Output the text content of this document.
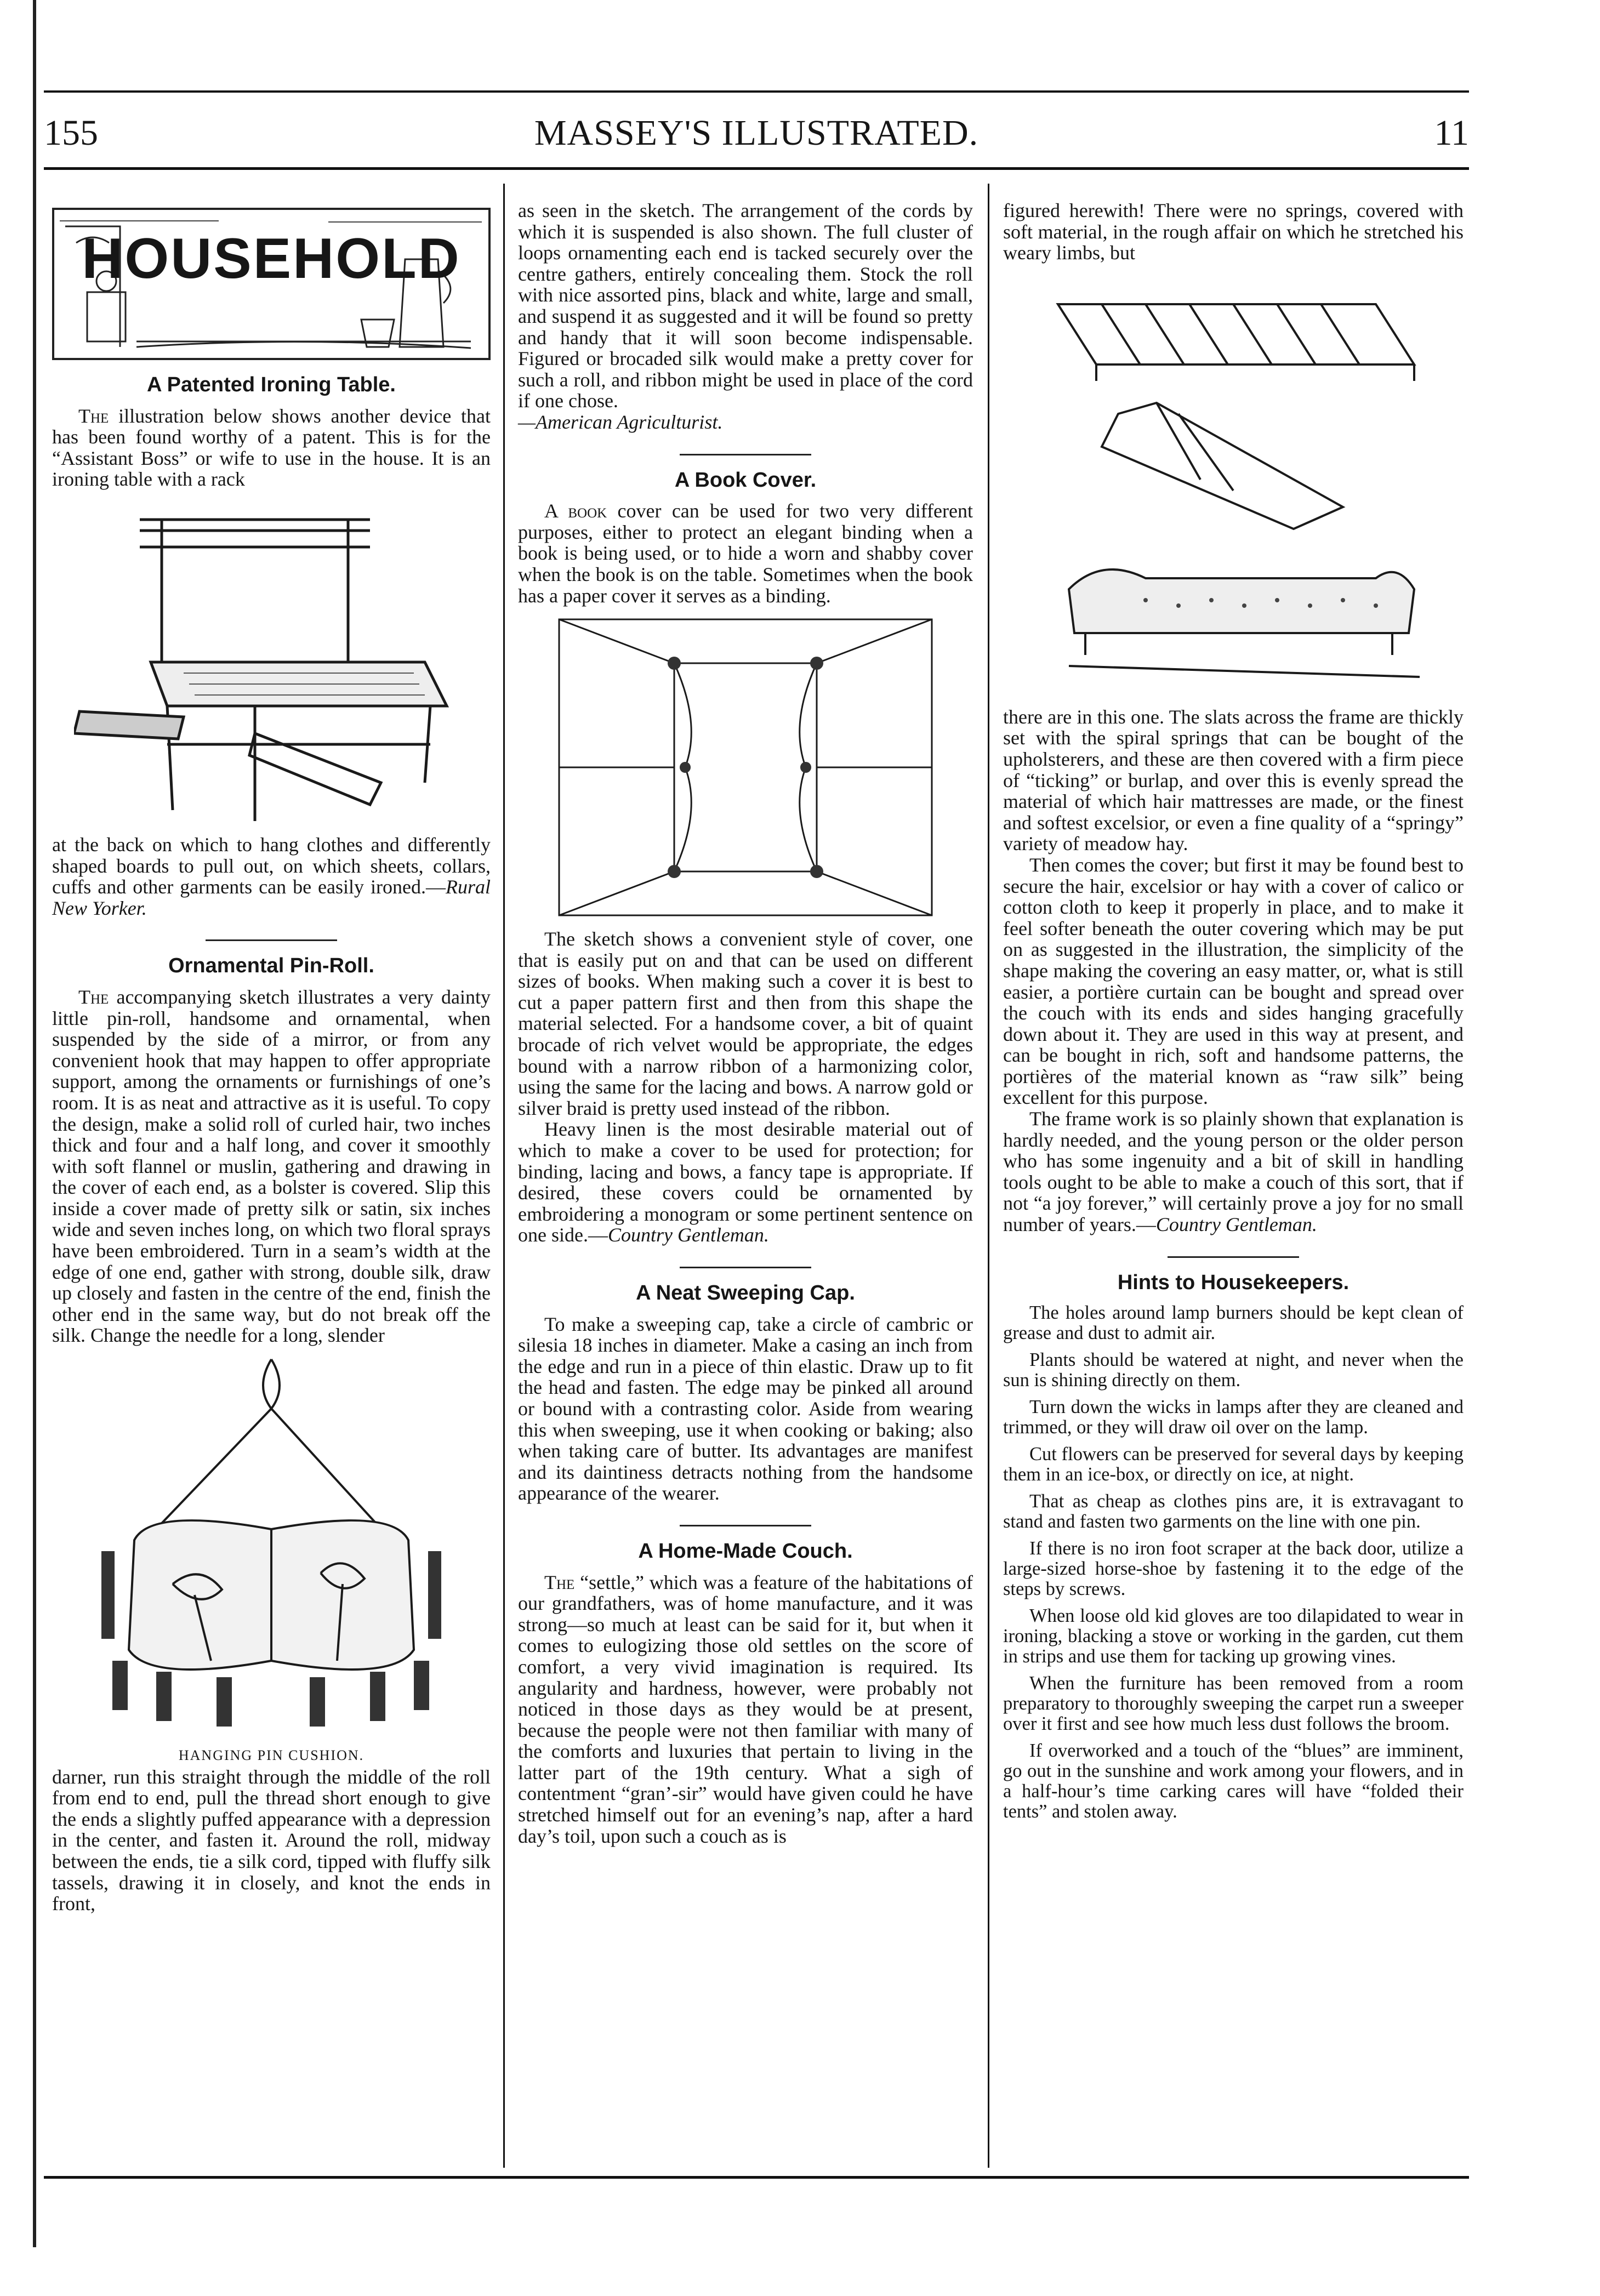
155	MASSEY'S ILLUSTRATED.	11
HOUSEHOLD
A Patented Ironing Table.

The illustration below shows another device that has been found worthy of a patent. This is for the “Assistant Boss” or wife to use in the house. It is an ironing table with a rack

at the back on which to hang clothes and differently shaped boards to pull out, on which sheets, collars, cuffs and other garments can be easily ironed.—Rural New Yorker.

Ornamental Pin-Roll.

The accompanying sketch illustrates a very dainty little pin-roll, handsome and ornamental, when suspended by the side of a mirror, or from any convenient hook that may happen to offer appropriate support, among the ornaments or furnishings of one’s room. It is as neat and attractive as it is useful. To copy the design, make a solid roll of curled hair, two inches thick and four and a half long, and cover it smoothly with soft flannel or muslin, gathering and drawing in the cover of each end, as a bolster is covered. Slip this inside a cover made of pretty silk or satin, six inches wide and seven inches long, on which two floral sprays have been embroidered. Turn in a seam’s width at the edge of one end, gather with strong, double silk, draw up closely and fasten in the centre of the end, finish the other end in the same way, but do not break off the silk. Change the needle for a long, slender

HANGING PIN CUSHION.

darner, run this straight through the middle of the roll from end to end, pull the thread short enough to give the ends a slightly puffed appearance with a depression in the center, and fasten it. Around the roll, midway between the ends, tie a silk cord, tipped with fluffy silk tassels, drawing it in closely, and knot the ends in front,

as seen in the sketch. The arrangement of the cords by which it is suspended is also shown. The full cluster of loops ornamenting each end is tacked securely over the centre gathers, entirely concealing them. Stock the roll with nice assorted pins, black and white, large and small, and suspend it as suggested and it will be found so pretty and handy that it will soon become indispensable. Figured or brocaded silk would make a pretty cover for such a roll, and ribbon might be used in place of the cord if one chose.
—American Agriculturist.

A Book Cover.

A book cover can be used for two very different purposes, either to protect an elegant binding when a book is being used, or to hide a worn and shabby cover when the book is on the table. Sometimes when the book has a paper cover it serves as a binding.

The sketch shows a convenient style of cover, one that is easily put on and that can be used on different sizes of books. When making such a cover it is best to cut a paper pattern first and then from this shape the material selected. For a handsome cover, a bit of quaint brocade of rich velvet would be appropriate, the edges bound with a narrow ribbon of a harmonizing color, using the same for the lacing and bows. A narrow gold or silver braid is pretty used instead of the ribbon.

Heavy linen is the most desirable material out of which to make a cover to be used for protection; for binding, lacing and bows, a fancy tape is appropriate. If desired, these covers could be ornamented by embroidering a monogram or some pertinent sentence on one side.—Country Gentleman.

A Neat Sweeping Cap.

To make a sweeping cap, take a circle of cambric or silesia 18 inches in diameter. Make a casing an inch from the edge and run in a piece of thin elastic. Draw up to fit the head and fasten. The edge may be pinked all around or bound with a contrasting color. Aside from wearing this when sweeping, use it when cooking or baking; also when taking care of butter. Its advantages are manifest and its daintiness detracts nothing from the handsome appearance of the wearer.

A Home-Made Couch.

The “settle,” which was a feature of the habitations of our grandfathers, was of home manufacture, and it was strong—so much at least can be said for it, but when it comes to eulogizing those old settles on the score of comfort, a very vivid imagination is required. Its angularity and hardness, however, were probably not noticed in those days as they would be at present, because the people were not then familiar with many of the comforts and luxuries that pertain to living in the latter part of the 19th century. What a sigh of contentment “gran’-sir” would have given could he have stretched himself out for an evening’s nap, after a hard day’s toil, upon such a couch as is

figured herewith! There were no springs, covered with soft material, in the rough affair on which he stretched his weary limbs, but

there are in this one. The slats across the frame are thickly set with the spiral springs that can be bought of the upholsterers, and these are then covered with a firm piece of “ticking” or burlap, and over this is evenly spread the material of which hair mattresses are made, or the finest and softest excelsior, or even a fine quality of a “springy” variety of meadow hay.

Then comes the cover; but first it may be found best to secure the hair, excelsior or hay with a cover of calico or cotton cloth to keep it properly in place, and to make it feel softer beneath the outer covering which may be put on as suggested in the illustration, the simplicity of the shape making the covering an easy matter, or, what is still easier, a portière curtain can be bought and spread over the couch with its ends and sides hanging gracefully down about it. They are used in this way at present, and can be bought in rich, soft and handsome patterns, the portières of the material known as “raw silk” being excellent for this purpose.

The frame work is so plainly shown that explanation is hardly needed, and the young person or the older person who has some ingenuity and a bit of skill in handling tools ought to be able to make a couch of this sort, that if not “a joy forever,” will certainly prove a joy for no small number of years.—Country Gentleman.

Hints to Housekeepers.

The holes around lamp burners should be kept clean of grease and dust to admit air.

Plants should be watered at night, and never when the sun is shining directly on them.

Turn down the wicks in lamps after they are cleaned and trimmed, or they will draw oil over on the lamp.

Cut flowers can be preserved for several days by keeping them in an ice-box, or directly on ice, at night.

That as cheap as clothes pins are, it is extravagant to stand and fasten two garments on the line with one pin.

If there is no iron foot scraper at the back door, utilize a large-sized horse-shoe by fastening it to the edge of the steps by screws.

When loose old kid gloves are too dilapidated to wear in ironing, blacking a stove or working in the garden, cut them in strips and use them for tacking up growing vines.

When the furniture has been removed from a room preparatory to thoroughly sweeping the carpet run a sweeper over it first and see how much less dust follows the broom.

If overworked and a touch of the “blues” are imminent, go out in the sunshine and work among your flowers, and in a half-hour’s time carking cares will have “folded their tents” and stolen away.
